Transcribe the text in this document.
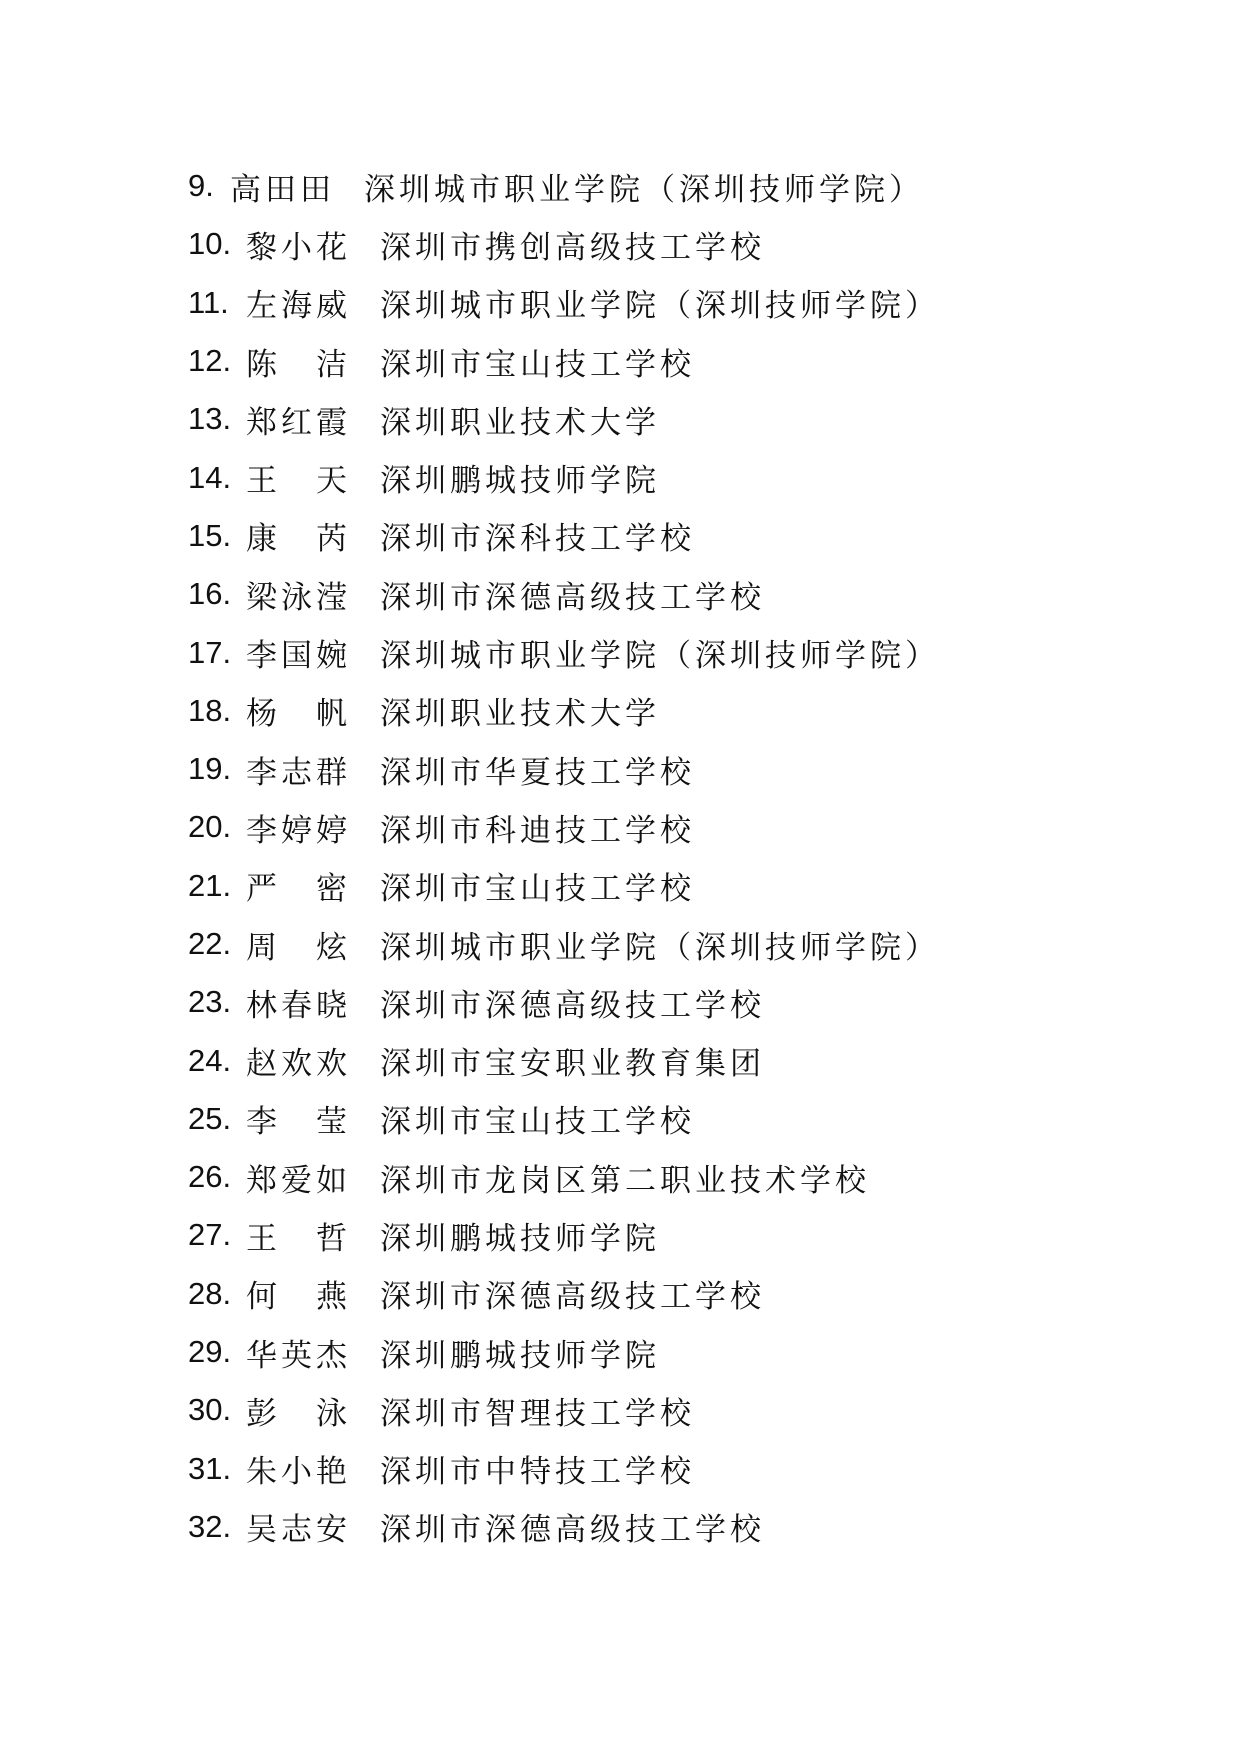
9. 高田田 深圳城市职业学院（深圳技师学院）
10. 黎小花 深圳市携创高级技工学校
11. 左海威 深圳城市职业学院（深圳技师学院）
12. 陈　洁 深圳市宝山技工学校
13. 郑红霞 深圳职业技术大学
14. 王　天 深圳鹏城技师学院
15. 康　芮 深圳市深科技工学校
16. 梁泳滢 深圳市深德高级技工学校
17. 李国婉 深圳城市职业学院（深圳技师学院）
18. 杨　帆 深圳职业技术大学
19. 李志群 深圳市华夏技工学校
20. 李婷婷 深圳市科迪技工学校
21. 严　密 深圳市宝山技工学校
22. 周　炫 深圳城市职业学院（深圳技师学院）
23. 林春晓 深圳市深德高级技工学校
24. 赵欢欢 深圳市宝安职业教育集团
25. 李　莹 深圳市宝山技工学校
26. 郑爱如 深圳市龙岗区第二职业技术学校
27. 王　哲 深圳鹏城技师学院
28. 何　燕 深圳市深德高级技工学校
29. 华英杰 深圳鹏城技师学院
30. 彭　泳 深圳市智理技工学校
31. 朱小艳 深圳市中特技工学校
32. 吴志安 深圳市深德高级技工学校
